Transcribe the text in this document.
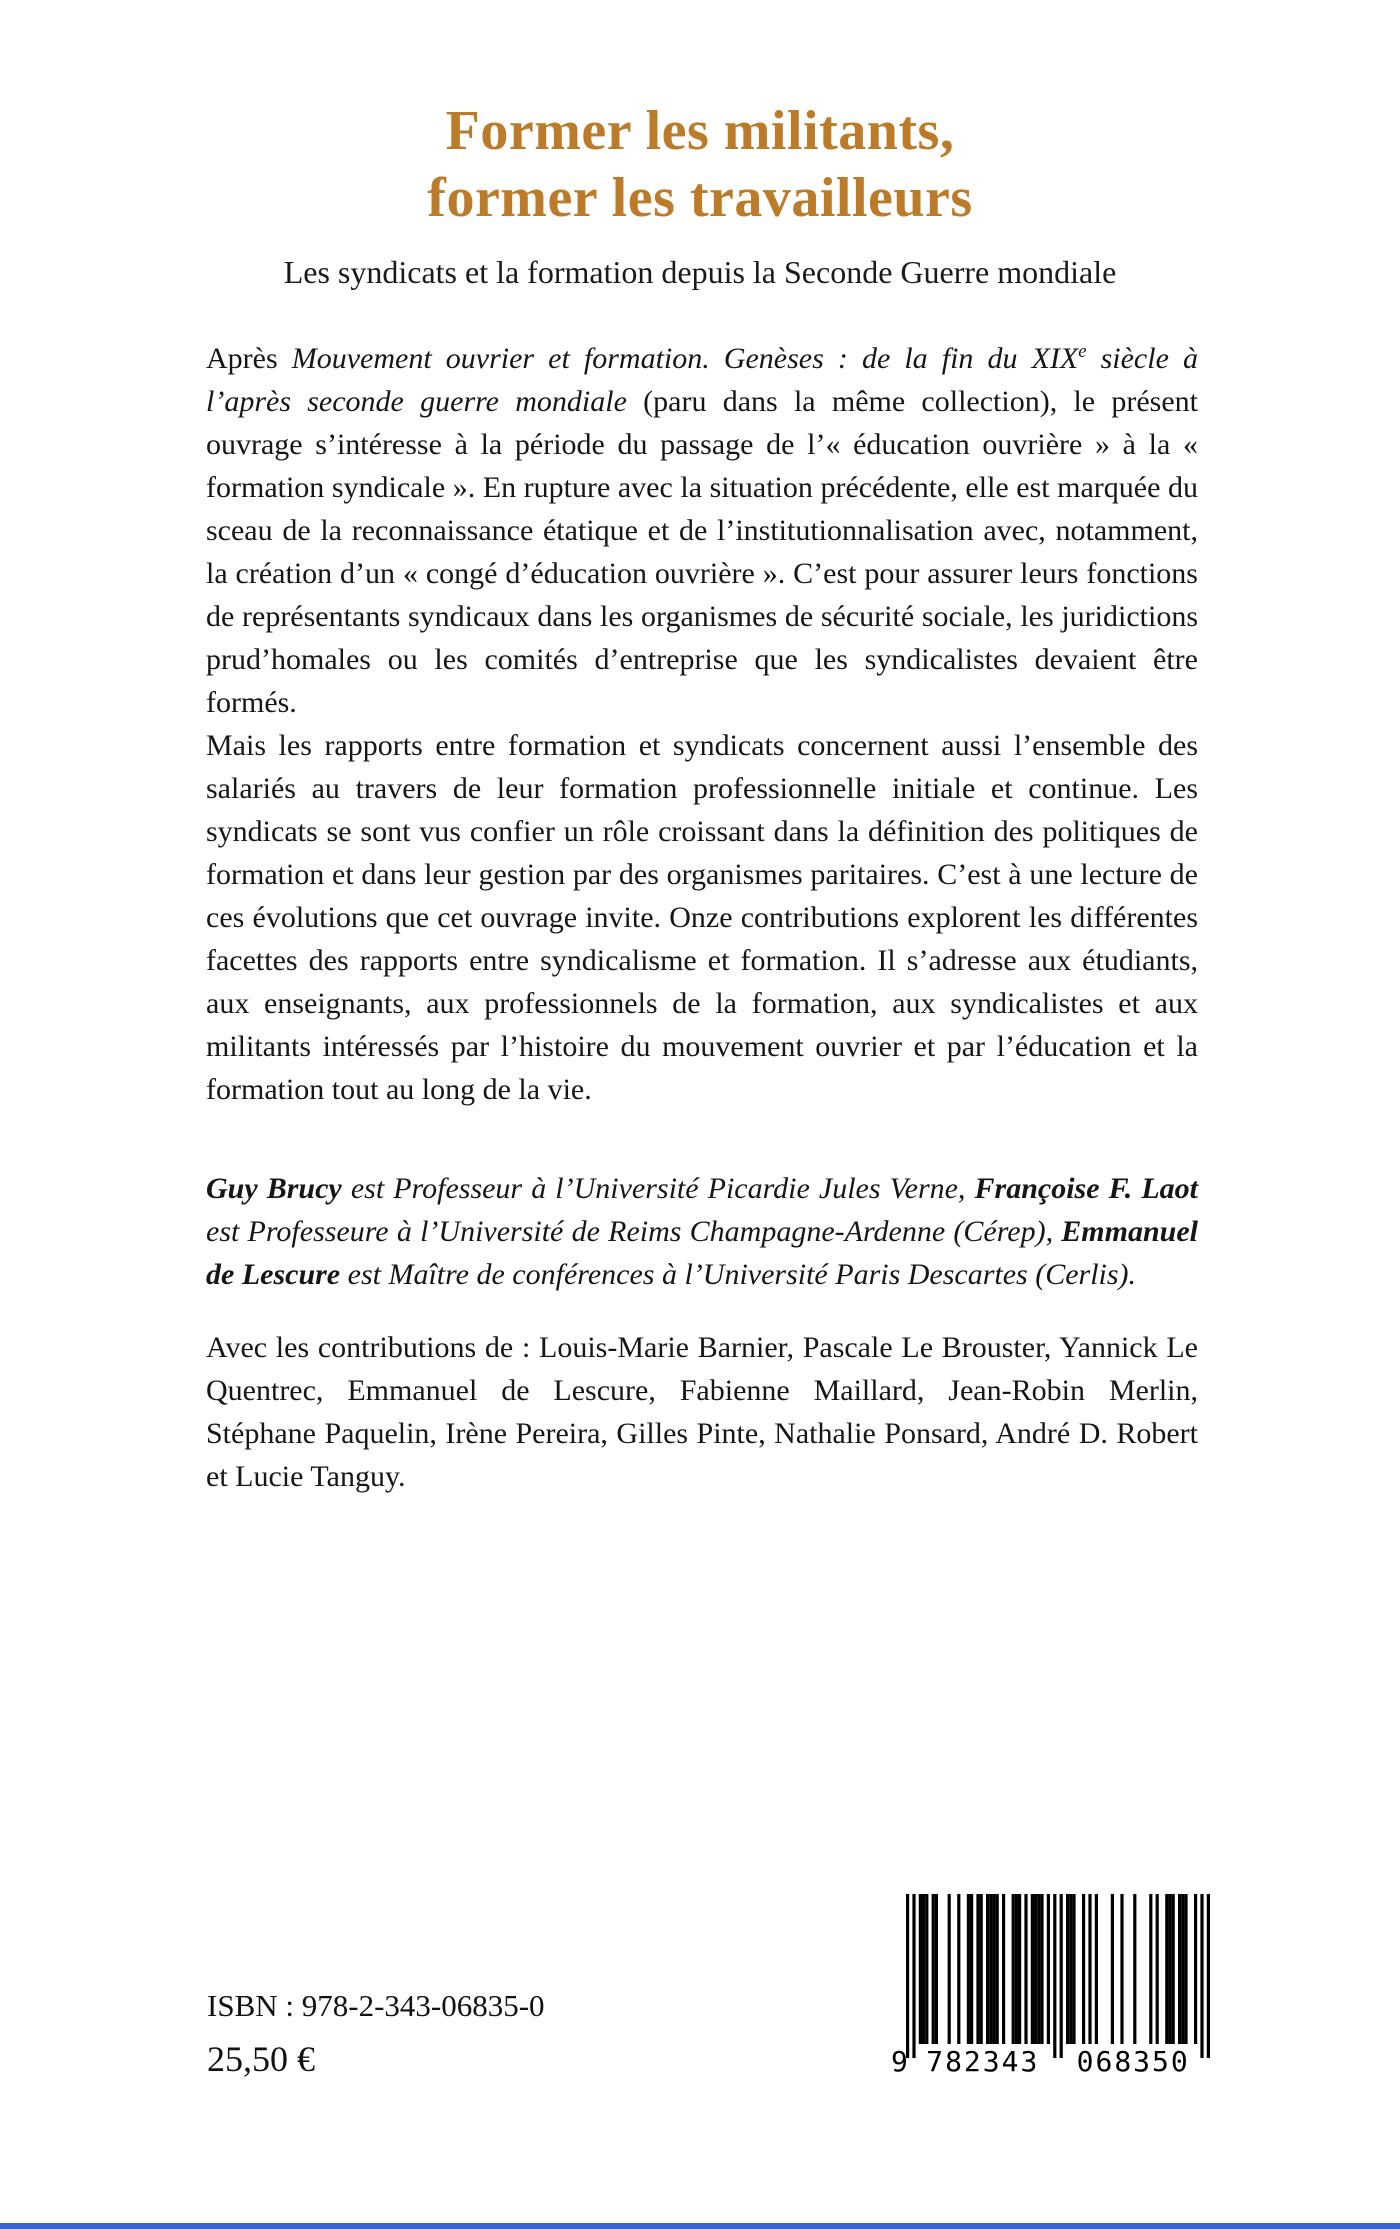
Former les militants,
former les travailleurs

Les syndicats et la formation depuis la Seconde Guerre mondiale

Après Mouvement ouvrier et formation. Genèses : de la fin du XIXe siècle à l’après seconde guerre mondiale (paru dans la même collection), le présent ouvrage s’intéresse à la période du passage de l’« éducation ouvrière » à la « formation syndicale ». En rupture avec la situation précédente, elle est marquée du sceau de la reconnaissance étatique et de l’institutionnalisation avec, notamment, la création d’un « congé d’éducation ouvrière ». C’est pour assurer leurs fonctions de représentants syndicaux dans les organismes de sécurité sociale, les juridictions prud’homales ou les comités d’entreprise que les syndicalistes devaient être formés.

Mais les rapports entre formation et syndicats concernent aussi l’ensemble des salariés au travers de leur formation professionnelle initiale et continue. Les syndicats se sont vus confier un rôle croissant dans la définition des politiques de formation et dans leur gestion par des organismes paritaires. C’est à une lecture de ces évolutions que cet ouvrage invite. Onze contributions explorent les différentes facettes des rapports entre syndicalisme et formation. Il s’adresse aux étudiants, aux enseignants, aux professionnels de la formation, aux syndicalistes et aux militants intéressés par l’histoire du mouvement ouvrier et par l’éducation et la formation tout au long de la vie.

Guy Brucy est Professeur à l’Université Picardie Jules Verne, Françoise F. Laot est Professeure à l’Université de Reims Champagne-Ardenne (Cérep), Emmanuel de Lescure est Maître de conférences à l’Université Paris Descartes (Cerlis).

Avec les contributions de : Louis-Marie Barnier, Pascale Le Brouster, Yannick Le Quentrec, Emmanuel de Lescure, Fabienne Maillard, Jean-Robin Merlin, Stéphane Paquelin, Irène Pereira, Gilles Pinte, Nathalie Ponsard, André D. Robert et Lucie Tanguy.

ISBN : 978-2-343-06835-0
25,50 €	9 782343 068350
